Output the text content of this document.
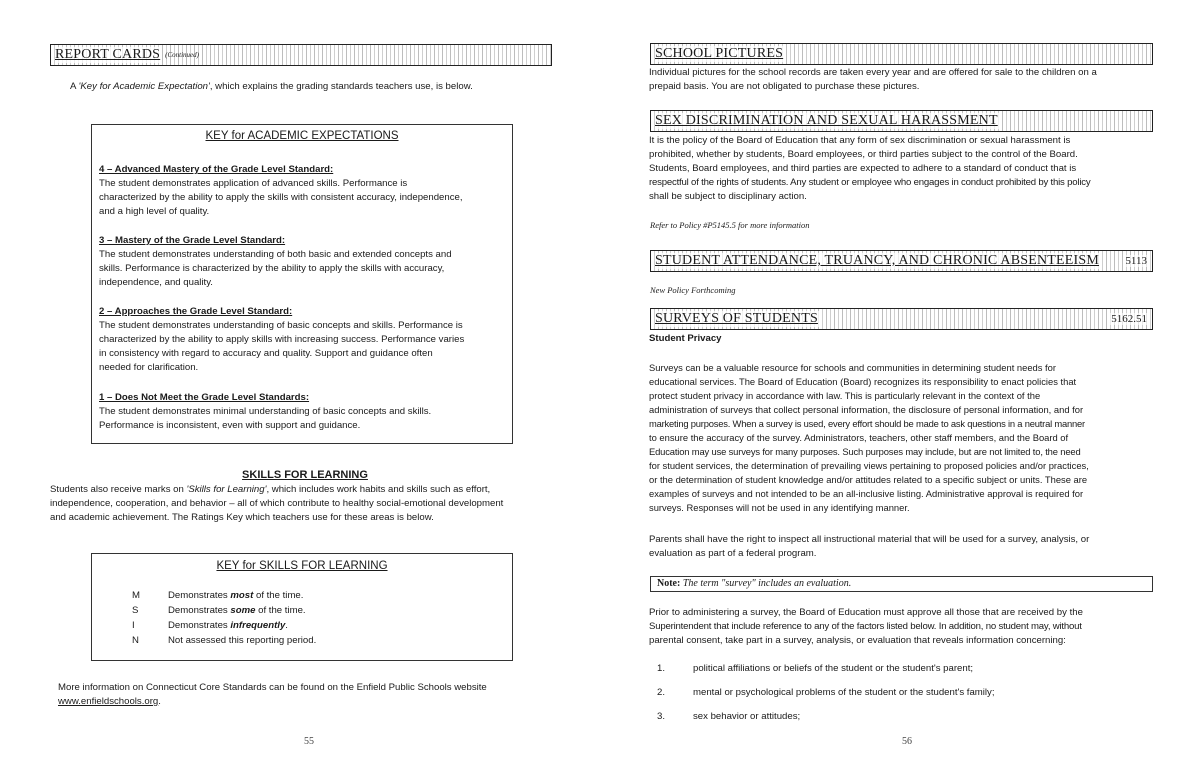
REPORT CARDS (Continued)
A 'Key for Academic Expectation', which explains the grading standards teachers use, is below.
KEY for ACADEMIC EXPECTATIONS
4 – Advanced Mastery of the Grade Level Standard:
The student demonstrates application of advanced skills. Performance is
characterized by the ability to apply the skills with consistent accuracy, independence,
and a high level of quality.
3 – Mastery of the Grade Level Standard:
The student demonstrates understanding of both basic and extended concepts and
skills. Performance is characterized by the ability to apply the skills with accuracy,
independence, and quality.
2 – Approaches the Grade Level Standard:
The student demonstrates understanding of basic concepts and skills. Performance is
characterized by the ability to apply skills with increasing success. Performance varies
in consistency with regard to accuracy and quality. Support and guidance often
needed for clarification.
1 – Does Not Meet the Grade Level Standards:
The student demonstrates minimal understanding of basic concepts and skills.
Performance is inconsistent, even with support and guidance.
SKILLS FOR LEARNING
Students also receive marks on 'Skills for Learning', which includes work habits and skills such as effort,
independence, cooperation, and behavior – all of which contribute to healthy social-emotional development
and academic achievement. The Ratings Key which teachers use for these areas is below.
KEY for SKILLS FOR LEARNING
M	Demonstrates most of the time.
S	Demonstrates some of the time.
I	Demonstrates infrequently.
N	Not assessed this reporting period.
More information on Connecticut Core Standards can be found on the Enfield Public Schools website
www.enfieldschools.org.
55
SCHOOL PICTURES
Individual pictures for the school records are taken every year and are offered for sale to the children on a
prepaid basis. You are not obligated to purchase these pictures.
SEX DISCRIMINATION AND SEXUAL HARASSMENT
It is the policy of the Board of Education that any form of sex discrimination or sexual harassment is
prohibited, whether by students, Board employees, or third parties subject to the control of the Board.
Students, Board employees, and third parties are expected to adhere to a standard of conduct that is
respectful of the rights of students. Any student or employee who engages in conduct prohibited by this policy
shall be subject to disciplinary action.
Refer to Policy #P5145.5 for more information
STUDENT ATTENDANCE, TRUANCY, AND CHRONIC ABSENTEEISM 5113
New Policy Forthcoming
SURVEYS OF STUDENTS	5162.51
Student Privacy
Surveys can be a valuable resource for schools and communities in determining student needs for
educational services. The Board of Education (Board) recognizes its responsibility to enact policies that
protect student privacy in accordance with law. This is particularly relevant in the context of the
administration of surveys that collect personal information, the disclosure of personal information, and for
marketing purposes. When a survey is used, every effort should be made to ask questions in a neutral manner
to ensure the accuracy of the survey. Administrators, teachers, other staff members, and the Board of
Education may use surveys for many purposes. Such purposes may include, but are not limited to, the need
for student services, the determination of prevailing views pertaining to proposed policies and/or practices,
or the determination of student knowledge and/or attitudes related to a specific subject or units. These are
examples of surveys and not intended to be an all-inclusive listing. Administrative approval is required for
surveys. Responses will not be used in any identifying manner.
Parents shall have the right to inspect all instructional material that will be used for a survey, analysis, or
evaluation as part of a federal program.
Note: The term "survey" includes an evaluation.
Prior to administering a survey, the Board of Education must approve all those that are received by the
Superintendent that include reference to any of the factors listed below. In addition, no student may, without
parental consent, take part in a survey, analysis, or evaluation that reveals information concerning:
1.	political affiliations or beliefs of the student or the student's parent;
2.	mental or psychological problems of the student or the student's family;
3.	sex behavior or attitudes;
56
